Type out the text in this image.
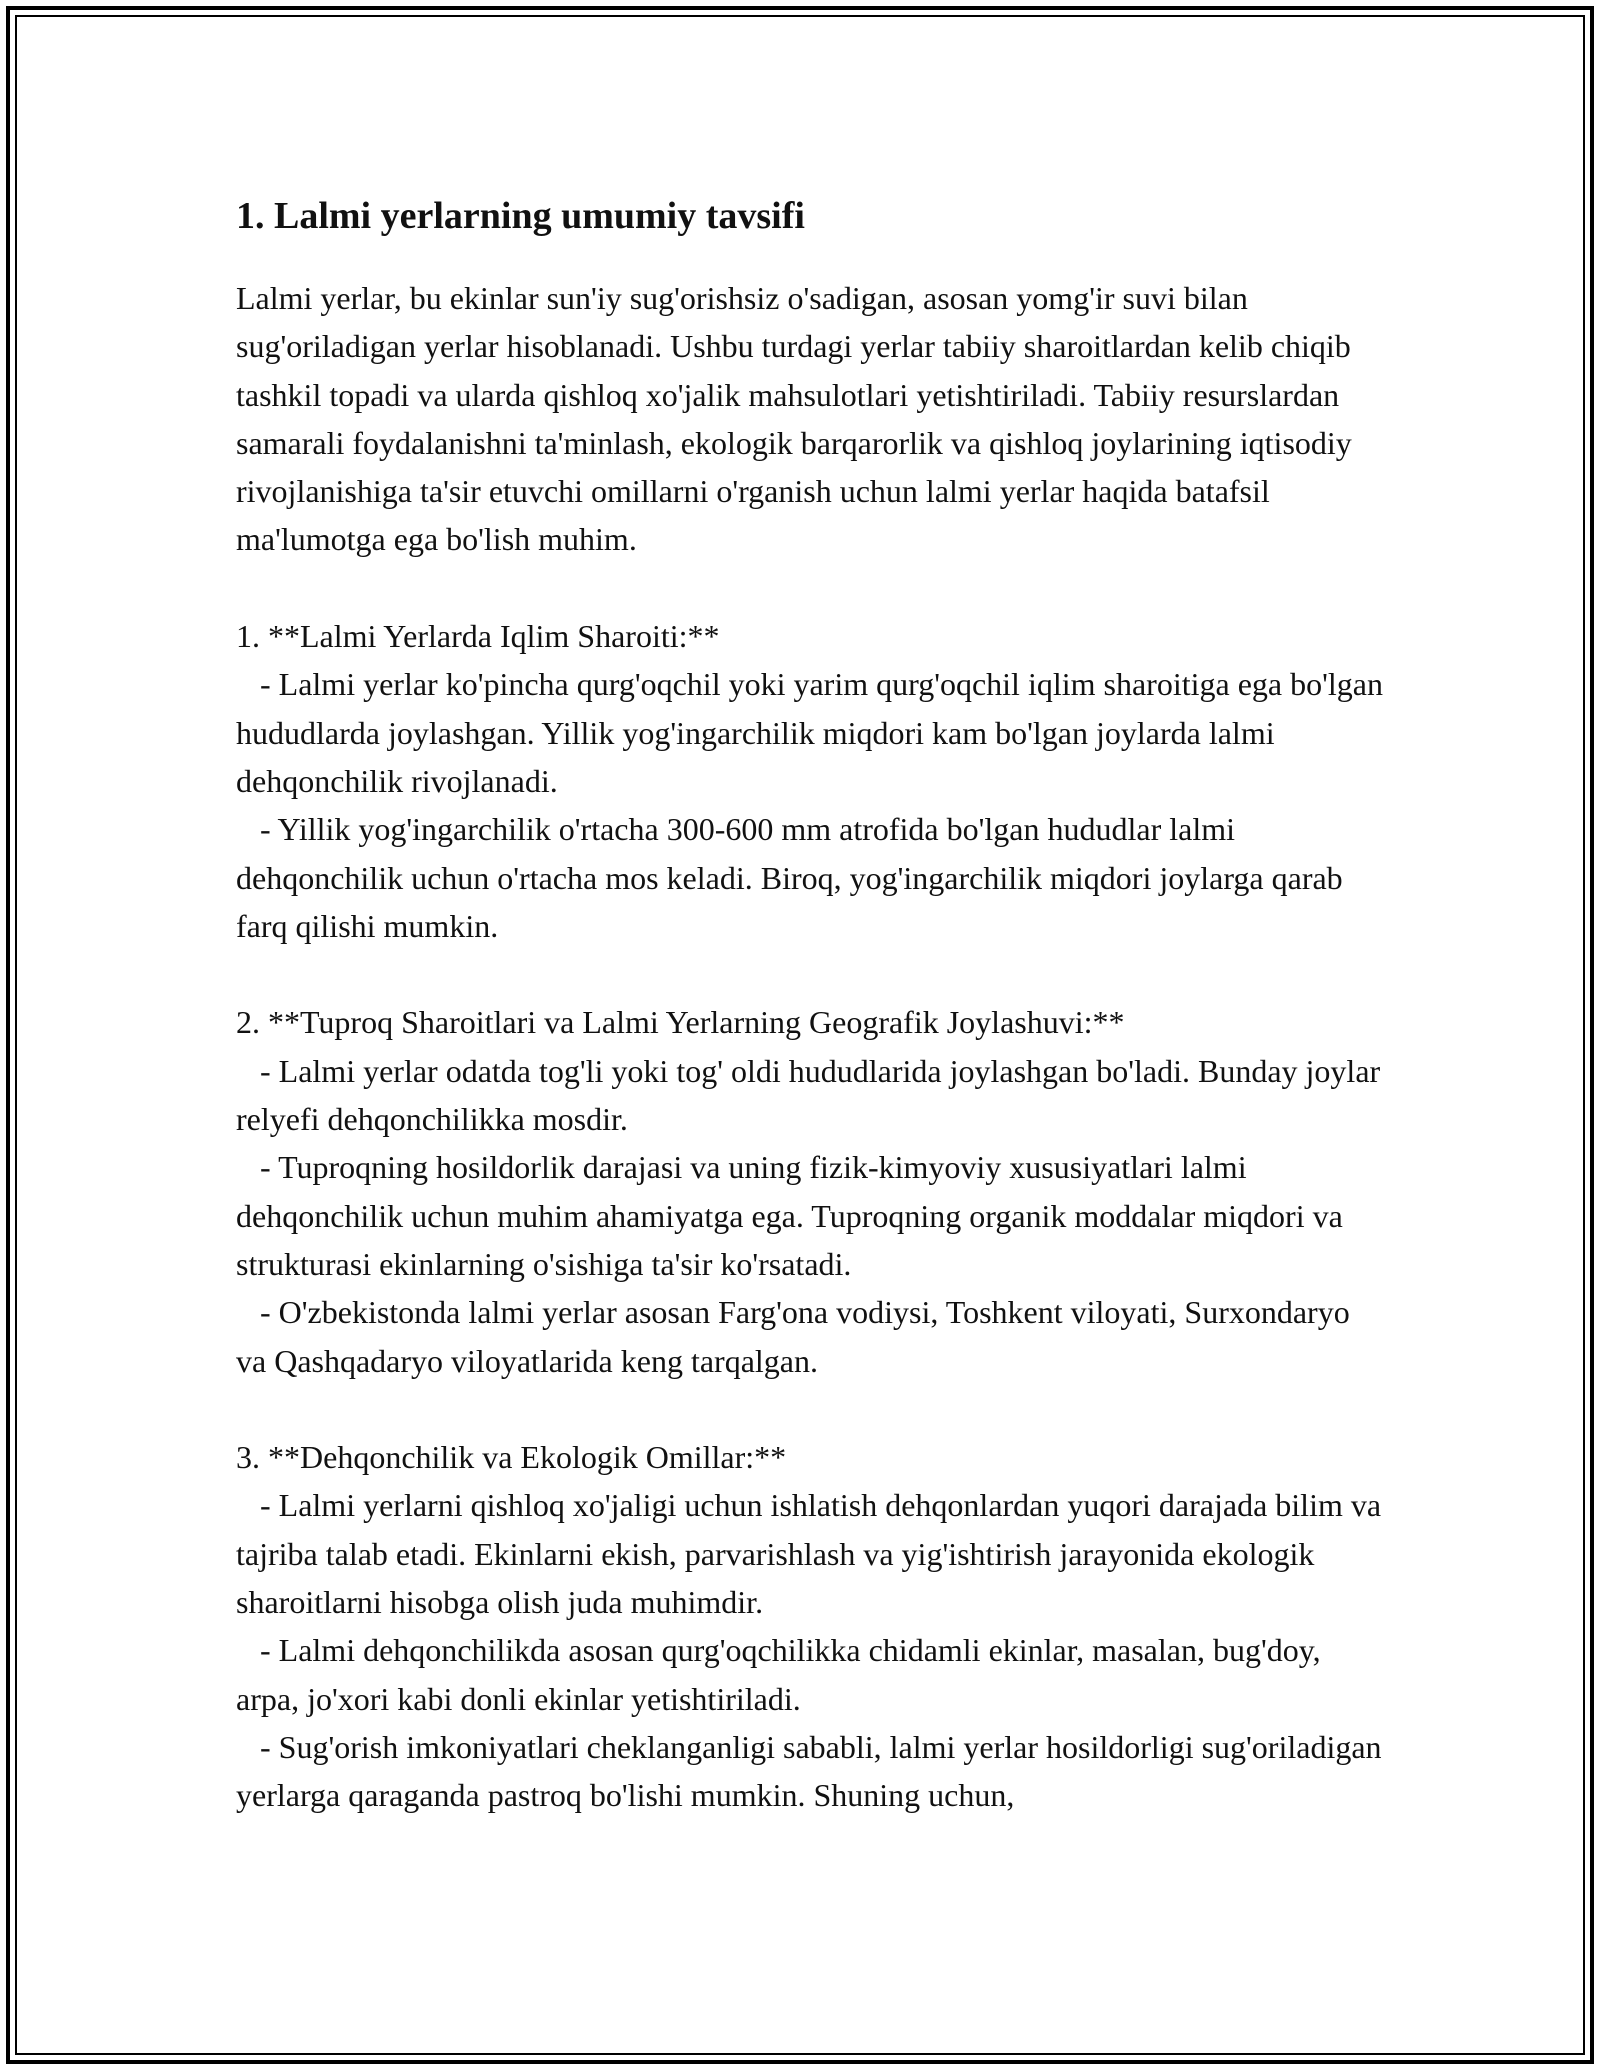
1. Lalmi yerlarning umumiy tavsifi

Lalmi yerlar, bu ekinlar sun'iy sug'orishsiz o'sadigan, asosan yomg'ir suvi bilan sug'oriladigan yerlar hisoblanadi. Ushbu turdagi yerlar tabiiy sharoitlardan kelib chiqib tashkil topadi va ularda qishloq xo'jalik mahsulotlari yetishtiriladi. Tabiiy resurslardan samarali foydalanishni ta'minlash, ekologik barqarorlik va qishloq joylarining iqtisodiy rivojlanishiga ta'sir etuvchi omillarni o'rganish uchun lalmi yerlar haqida batafsil ma'lumotga ega bo'lish muhim.

1. **Lalmi Yerlarda Iqlim Sharoiti:**

- Lalmi yerlar ko'pincha qurg'oqchil yoki yarim qurg'oqchil iqlim sharoitiga ega bo'lgan hududlarda joylashgan. Yillik yog'ingarchilik miqdori kam bo'lgan joylarda lalmi dehqonchilik rivojlanadi.

- Yillik yog'ingarchilik o'rtacha 300-600 mm atrofida bo'lgan hududlar lalmi dehqonchilik uchun o'rtacha mos keladi. Biroq, yog'ingarchilik miqdori joylarga qarab farq qilishi mumkin.

2. **Tuproq Sharoitlari va Lalmi Yerlarning Geografik Joylashuvi:**

- Lalmi yerlar odatda tog'li yoki tog' oldi hududlarida joylashgan bo'ladi. Bunday joylar relyefi dehqonchilikka mosdir.

- Tuproqning hosildorlik darajasi va uning fizik-kimyoviy xususiyatlari lalmi dehqonchilik uchun muhim ahamiyatga ega. Tuproqning organik moddalar miqdori va strukturasi ekinlarning o'sishiga ta'sir ko'rsatadi.

- O'zbekistonda lalmi yerlar asosan Farg'ona vodiysi, Toshkent viloyati, Surxondaryo va Qashqadaryo viloyatlarida keng tarqalgan.

3. **Dehqonchilik va Ekologik Omillar:**

- Lalmi yerlarni qishloq xo'jaligi uchun ishlatish dehqonlardan yuqori darajada bilim va tajriba talab etadi. Ekinlarni ekish, parvarishlash va yig'ishtirish jarayonida ekologik sharoitlarni hisobga olish juda muhimdir.

- Lalmi dehqonchilikda asosan qurg'oqchilikka chidamli ekinlar, masalan, bug'doy, arpa, jo'xori kabi donli ekinlar yetishtiriladi.

- Sug'orish imkoniyatlari cheklanganligi sababli, lalmi yerlar hosildorligi sug'oriladigan yerlarga qaraganda pastroq bo'lishi mumkin. Shuning uchun,
